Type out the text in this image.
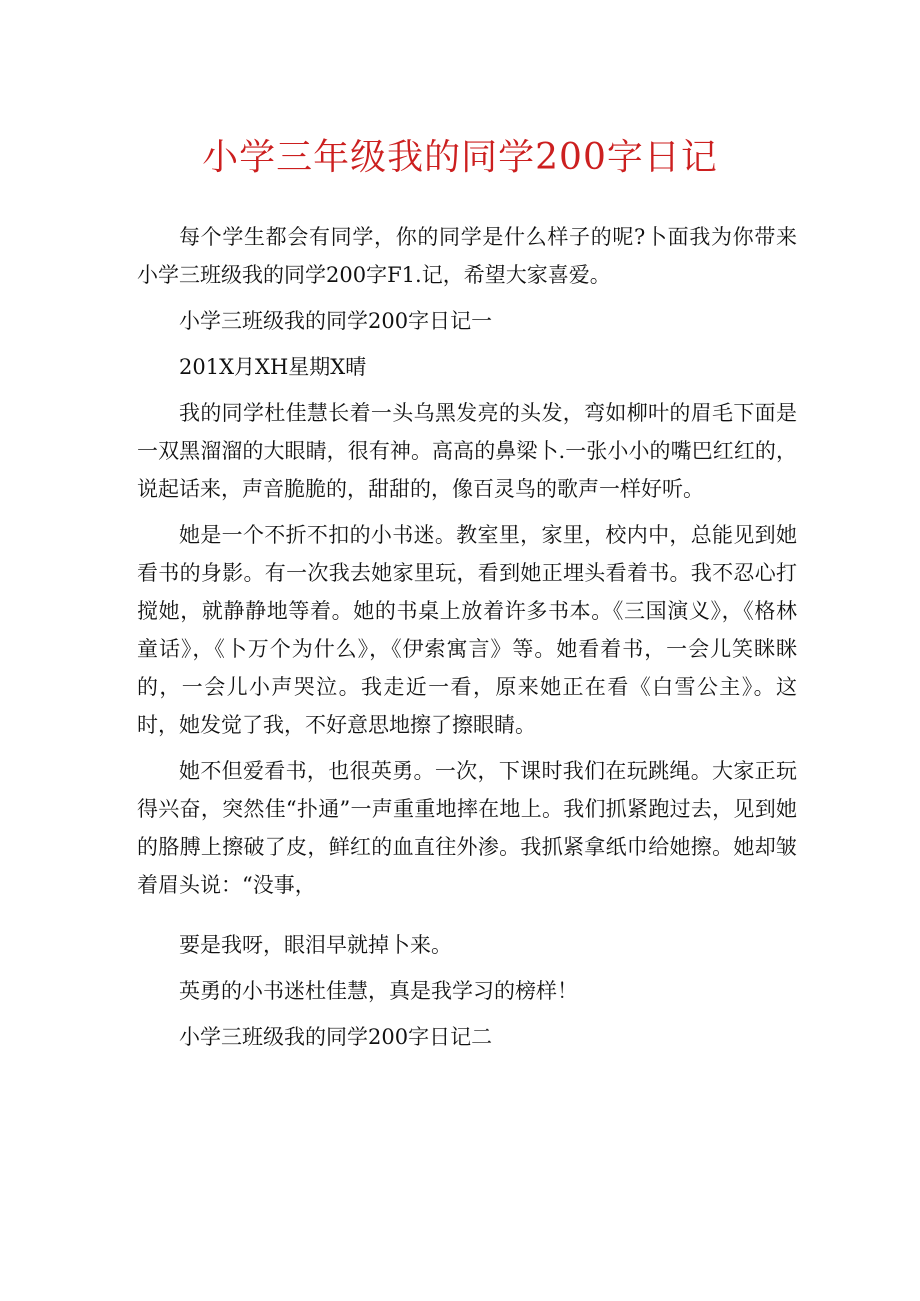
小学三年级我的同学200字日记

每个学生都会有同学，你的同学是什么样子的呢?卜面我为你带来小学三班级我的同学200字F1.记，希望大家喜爱。

小学三班级我的同学200字日记一

201X月XH星期X晴

我的同学杜佳慧长着一头乌黑发亮的头发，弯如柳叶的眉毛下面是一双黑溜溜的大眼睛，很有神。高高的鼻梁卜.一张小小的嘴巴红红的，说起话来，声音脆脆的，甜甜的，像百灵鸟的歌声一样好听。

她是一个不折不扣的小书迷。教室里，家里，校内中，总能见到她看书的身影。有一次我去她家里玩，看到她正埋头看着书。我不忍心打搅她，就静静地等着。她的书桌上放着许多书本。《三国演义》，《格林童话》，《卜万个为什么》，《伊索寓言》等。她看着书，一会儿笑眯眯的，一会儿小声哭泣。我走近一看，原来她正在看《白雪公主》。这时，她发觉了我，不好意思地擦了擦眼睛。

她不但爱看书，也很英勇。一次，下课时我们在玩跳绳。大家正玩得兴奋，突然佳“扑通”一声重重地摔在地上。我们抓紧跑过去，见到她的胳膊上擦破了皮，鲜红的血直往外渗。我抓紧拿纸巾给她擦。她却皱着眉头说：“没事，

要是我呀，眼泪早就掉卜来。

英勇的小书迷杜佳慧，真是我学习的榜样！

小学三班级我的同学200字日记二
